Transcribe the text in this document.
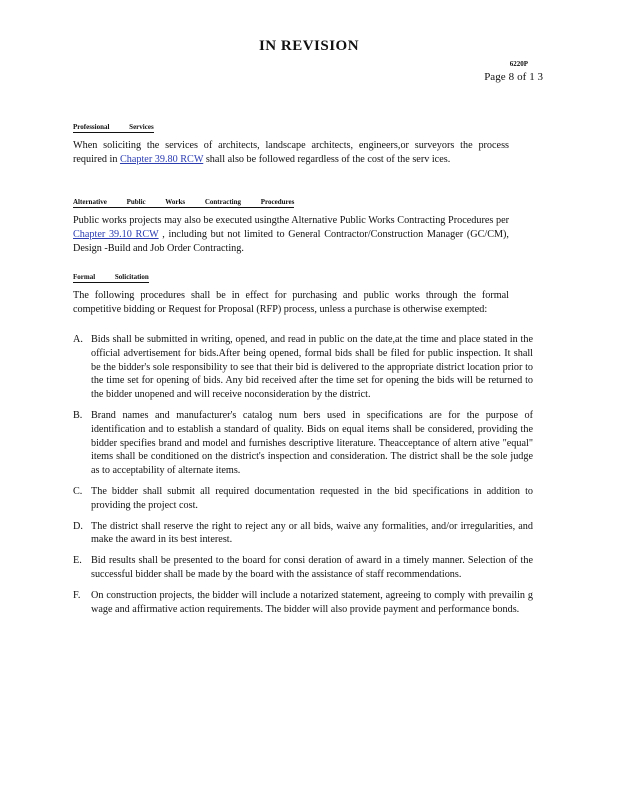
IN REVISION
6220P
Page 8 of 1 3
Professional Services
When soliciting the services of architects, landscape architects, engineers,or surveyors the process required in Chapter 39.80 RCW shall also be followed regardless of the cost of the serv ices.
Alternative Public Works Contracting Procedures
Public works projects may also be executed usingthe Alternative Public Works Contracting Procedures per Chapter 39.10 RCW , including but not limited to General Contractor/Construction Manager (GC/CM), Design -Build and Job Order Contracting.
Formal Solicitation
The following procedures shall be in effect for purchasing and public works through the formal competitive bidding or Request for Proposal (RFP) process, unless a purchase is otherwise exempted:
A. Bids shall be submitted in writing, opened, and read in public on the date,at the time and place stated in the official advertisement for bids.After being opened, formal bids shall be filed for public inspection. It shall be the bidder's sole responsibility to see that their bid is delivered to the appropriate district location prior to the time set for opening of bids. Any bid received after the time set for opening the bids will be returned to the bidder unopened and will receive noconsideration by the district.
B. Brand names and manufacturer's catalog num bers used in specifications are for the purpose of identification and to establish a standard of quality. Bids on equal items shall be considered, providing the bidder specifies brand and model and furnishes descriptive literature. Theacceptance of altern ative "equal" items shall be conditioned on the district's inspection and consideration. The district shall be the sole judge as to acceptability of alternate items.
C. The bidder shall submit all required documentation requested in the bid specifications in addition to providing the project cost.
D. The district shall reserve the right to reject any or all bids, waive any formalities, and/or irregularities, and make the award in its best interest.
E. Bid results shall be presented to the board for consi deration of award in a timely manner. Selection of the successful bidder shall be made by the board with the assistance of staff recommendations.
F.	On construction projects, the bidder will include a notarized statement, agreeing to comply with prevailin g wage and affirmative action requirements. The bidder will also provide payment and performance bonds.
